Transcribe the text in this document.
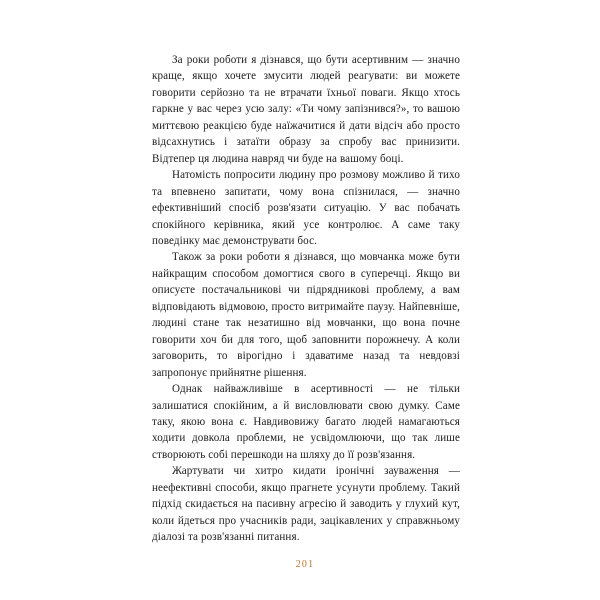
За роки роботи я дізнався, що бути асертивним — значно краще, якщо хочете змусити людей реагувати: ви можете говорити серйозно та не втрачати їхньої поваги. Якщо хтось гаркне у вас через усю залу: «Ти чому запізнився?», то вашою миттєвою реакцією буде наїжачитися й дати відсіч або просто відсахнутись і затаїти образу за спробу вас принизити. Відтепер ця людина навряд чи буде на вашому боці.

Натомість попросити людину про розмову можливо й тихо та впевнено запитати, чому вона спізнилася, — значно ефективніший спосіб розв'язати ситуацію. У вас побачать спокійного керівника, який усе контролює. А саме таку поведінку має демонструвати бос.

Також за роки роботи я дізнався, що мовчанка може бути найкращим способом домогтися свого в суперечці. Якщо ви описуєте постачальникові чи підрядникові проблему, а вам відповідають відмовою, просто витримайте паузу. Найпевніше, людині стане так незатишно від мовчанки, що вона почне говорити хоч би для того, щоб заповнити порожнечу. А коли заговорить, то вірогідно і здаватиме назад та невдовзі запропонує прийнятне рішення.

Однак найважливіше в асертивності — не тільки залишатися спокійним, а й висловлювати свою думку. Саме таку, якою вона є. Навдивовижу багато людей намагаються ходити довкола проблеми, не усвідомлюючи, що так лише створюють собі перешкоди на шляху до її розв'язання.

Жартувати чи хитро кидати іронічні зауваження — неефективні способи, якщо прагнете усунути проблему. Такий підхід скидається на пасивну агресію й заводить у глухий кут, коли йдеться про учасників ради, зацікавлених у справжньому діалозі та розв'язанні питання.

201
